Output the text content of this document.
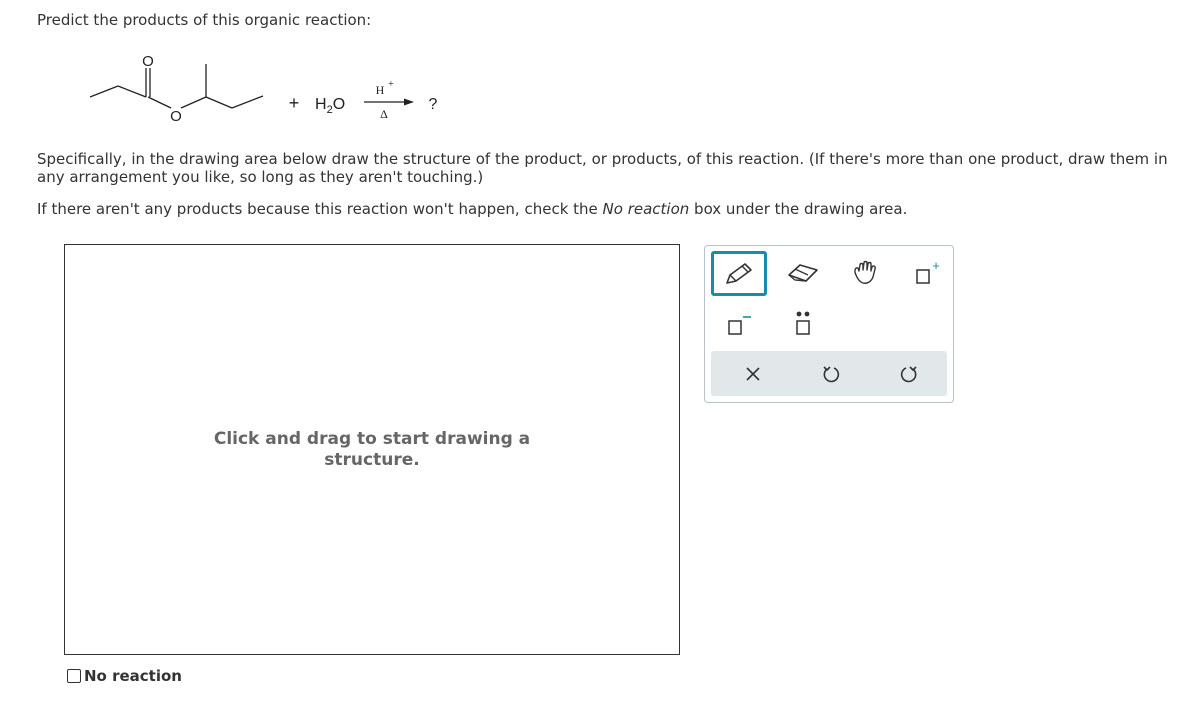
Predict the products of this organic reaction:
O
O
+ $H_2O$
H +
Δ
?
Specifically, in the drawing area below draw the structure of the product, or products, of this reaction. (If there's more than one product, draw them in any arrangement you like, so long as they aren't touching.)
If there aren't any products because this reaction won't happen, check the No reaction box under the drawing area.
Click and drag to start drawing a structure.
+
No reaction
